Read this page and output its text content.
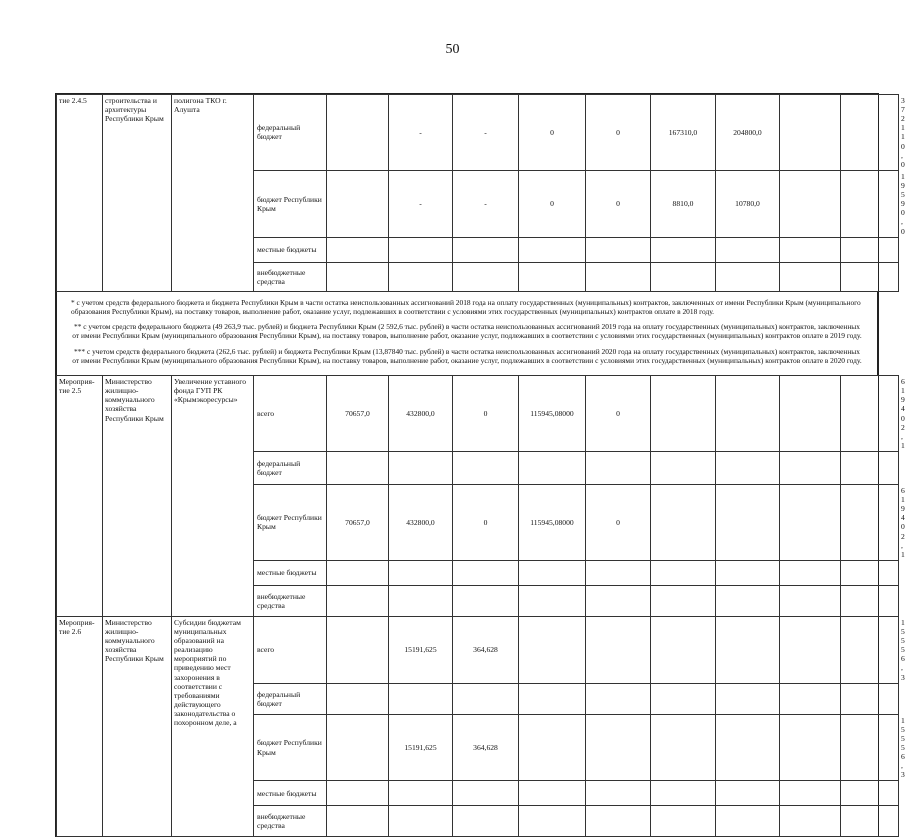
50
тие 2.4.5	строительства и архитектуры Республики Крым	полигона ТКО г. Алушта	федеральный бюджет		-	-	0	0	167310,0	204800,0			372110,0
			бюджет Республики Крым		-	-	0	0	8810,0	10780,0			19590,0
			местные бюджеты										
			внебюджетные средства										

* с учетом средств федерального бюджета и бюджета Республики Крым в части остатка неиспользованных ассигнований 2018 года на оплату государственных (муниципальных) контрактов, заключенных от имени Республики Крым (муниципального образования Республики Крым), на поставку товаров, выполнение работ, оказание услуг, подлежавших в соответствии с условиями этих государственных (муниципальных) контрактов оплате в 2018 году.

** с учетом средств федерального бюджета (49 263,9 тыс. рублей) и бюджета Республики Крым (2 592,6 тыс. рублей) в части остатка неиспользованных ассигнований 2019 года на оплату государственных (муниципальных) контрактов, заключенных от имени Республики Крым (муниципального образования Республики Крым), на поставку товаров, выполнение работ, оказание услуг, подлежавших в соответствии с условиями этих государственных (муниципальных) контрактов оплате в 2019 году.

*** с учетом средств федерального бюджета (262,6 тыс. рублей) и бюджета Республики Крым (13,87840 тыс. рублей) в части остатка неиспользованных ассигнований 2020 года на оплату государственных (муниципальных) контрактов, заключенных от имени Республики Крым (муниципального образования Республики Крым), на поставку товаров, выполнение работ, оказание услуг, подлежавших в соответствии с условиями этих государственных (муниципальных) контрактов оплате в 2020 году.

Мероприя-тие 2.5	Министерство жилищно-коммунального хозяйства Республики Крым	Увеличение уставного фонда ГУП РК «Крымэкоресурсы»	всего	70657,0	432800,0	0	115945,08000	0					619402,1
			федеральный бюджет										
			бюджет Республики Крым	70657,0	432800,0	0	115945,08000	0					619402,1
			местные бюджеты										
			внебюджетные средства										
Мероприя-тие 2.6	Министерство жилищно-коммунального хозяйства Республики Крым	Субсидии бюджетам муниципальных образований на реализацию мероприятий по приведению мест захоронения в соответствии с требованиями действующего законодательства о похоронном деле, а	всего		15191,625	364,628							15556,3
			федеральный бюджет										
			бюджет Республики Крым		15191,625	364,628							15556,3
			местные бюджеты										
			внебюджетные средства										
